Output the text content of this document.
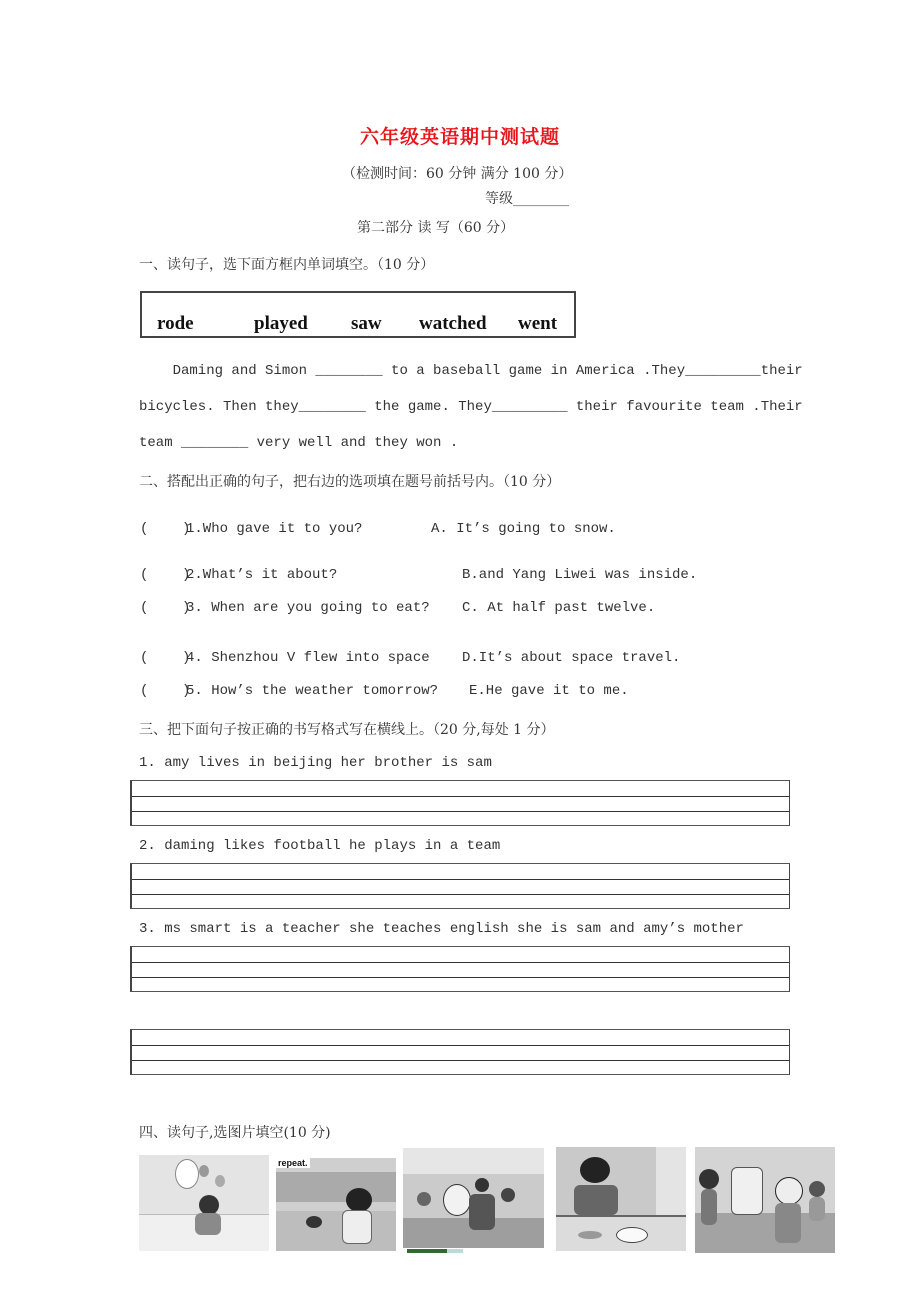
六年级英语期中测试题
（检测时间：60 分钟 满分 100 分）
等级________
第二部分 读 写（60 分）
一、读句子，选下面方框内单词填空。（10 分）
rode	played saw watched went
Daming and Simon ________ to a baseball game in America .They_________their
bicycles. Then they________ the game. They_________ their favourite team .Their
team ________ very well and they won .
二、搭配出正确的句子，把右边的选项填在题号前括号内。（10 分）
(    )
1.Who gave it to you?	A. It’s going to snow.
(    )
2.What’s it about?	B.and Yang Liwei was inside.
(    )
3. When are you going to eat? C. At half past twelve.
(    )
4. Shenzhou V flew into space D.It’s about space travel.
(    )
5. How’s the weather tomorrow? E.He gave it to me.
三、把下面句子按正确的书写格式写在横线上。（20 分,每处 1 分）
1. amy lives in beijing her brother is sam
2. daming likes football he plays in a team
3. ms smart is a teacher she teaches english she is sam and amy’s mother
四、读句子,选图片填空(10 分)
repeat.
